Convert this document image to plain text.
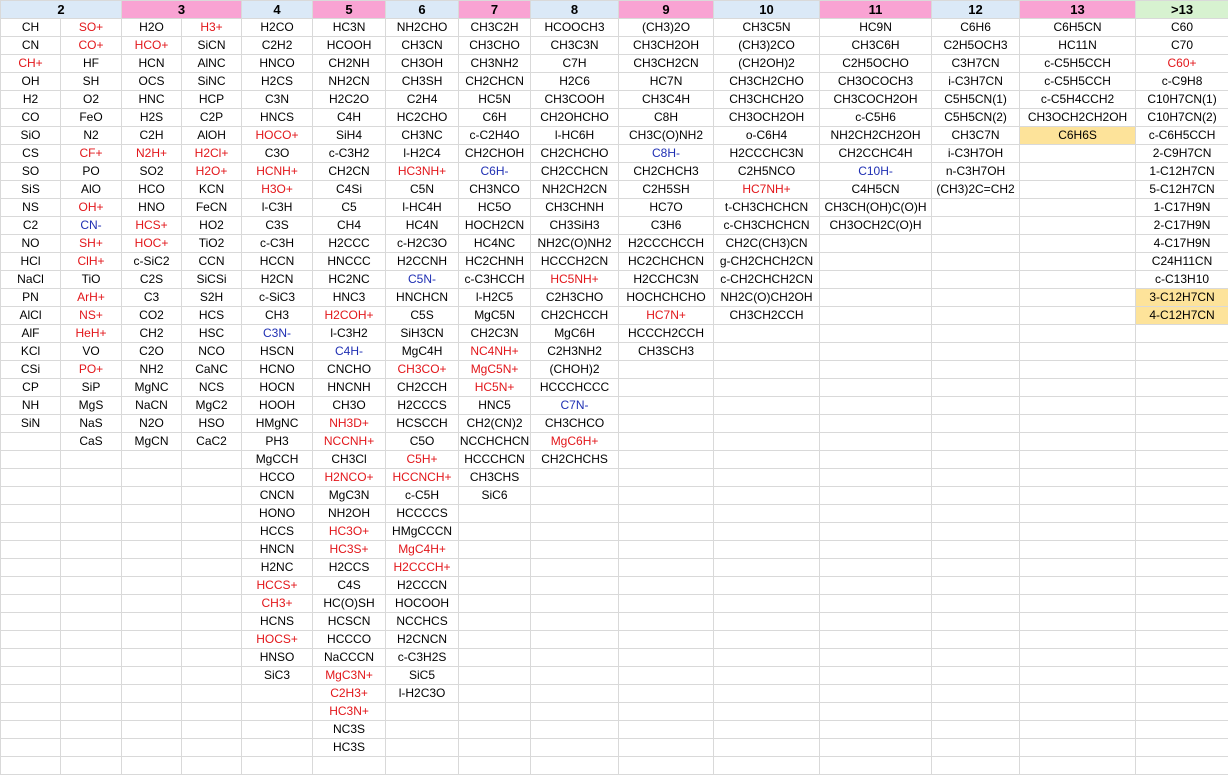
2		3		4	5	6	7	8	9	10	11	12	13	>13
CH	SO+	H2O	H3+	H2CO	HC3N	NH2CHO	CH3C2H	HCOOCH3	(CH3)2O	CH3C5N	HC9N	C6H6	C6H5CN	C60
CN	CO+	HCO+	SiCN	C2H2	HCOOH	CH3CN	CH3CHO	CH3C3N	CH3CH2OH	(CH3)2CO	CH3C6H	C2H5OCH3	HC11N	C70
CH+	HF	HCN	AlNC	HNCO	CH2NH	CH3OH	CH3NH2	C7H	CH3CH2CN	(CH2OH)2	C2H5OCHO	C3H7CN	c-C5H5CCH	C60+
OH	SH	OCS	SiNC	H2CS	NH2CN	CH3SH	CH2CHCN	H2C6	HC7N	CH3CH2CHO	CH3OCOCH3	i-C3H7CN	c-C5H5CCH	c-C9H8
H2	O2	HNC	HCP	C3N	H2C2O	C2H4	HC5N	CH3COOH	CH3C4H	CH3CHCH2O	CH3COCH2OH	C5H5CN(1)	c-C5H4CCH2	C10H7CN(1)
CO	FeO	H2S	C2P	HNCS	C4H	HC2CHO	C6H	CH2OHCHO	C8H	CH3OCH2OH	c-C5H6	C5H5CN(2)	CH3OCH2CH2OH	C10H7CN(2)
SiO	N2	C2H	AlOH	HOCO+	SiH4	CH3NC	c-C2H4O	l-HC6H	CH3C(O)NH2	o-C6H4	NH2CH2CH2OH	CH3C7N	C6H6S	c-C6H5CCH
CS	CF+	N2H+	H2Cl+	C3O	c-C3H2	l-H2C4	CH2CHOH	CH2CHCHO	C8H-	H2CCCHC3N	CH2CCHC4H	i-C3H7OH		2-C9H7CN
SO	PO	SO2	H2O+	HCNH+	CH2CN	HC3NH+	C6H-	CH2CCHCN	CH2CHCH3	C2H5NCO	C10H-	n-C3H7OH		1-C12H7CN
SiS	AlO	HCO	KCN	H3O+	C4Si	C5N	CH3NCO	NH2CH2CN	C2H5SH	HC7NH+	C4H5CN	(CH3)2C=CH2		5-C12H7CN
NS	OH+	HNO	FeCN	l-C3H	C5	l-HC4H	HC5O	CH3CHNH	HC7O	t-CH3CHCHCN	CH3CH(OH)C(O)H			1-C17H9N
C2	CN-	HCS+	HO2	C3S	CH4	HC4N	HOCH2CN	CH3SiH3	C3H6	c-CH3CHCHCN	CH3OCH2C(O)H			2-C17H9N
NO	SH+	HOC+	TiO2	c-C3H	H2CCC	c-H2C3O	HC4NC	NH2C(O)NH2	H2CCCHCCH	CH2C(CH3)CN				4-C17H9N
HCl	ClH+	c-SiC2	CCN	HCCN	HNCCC	H2CCNH	HC2CHNH	HCCCH2CN	HC2CHCHCN	g-CH2CHCH2CN				C24H11CN
NaCl	TiO	C2S	SiCSi	H2CN	HC2NC	C5N-	c-C3HCCH	HC5NH+	H2CCHC3N	c-CH2CHCH2CN				c-C13H10
PN	ArH+	C3	S2H	c-SiC3	HNC3	HNCHCN	l-H2C5	C2H3CHO	HOCHCHCHO	NH2C(O)CH2OH				3-C12H7CN
AlCl	NS+	CO2	HCS	CH3	H2COH+	C5S	MgC5N	CH2CHCCH	HC7N+	CH3CH2CCH				4-C12H7CN
AlF	HeH+	CH2	HSC	C3N-	l-C3H2	SiH3CN	CH2C3N	MgC6H	HCCCH2CCH					
KCl	VO	C2O	NCO	HSCN	C4H-	MgC4H	NC4NH+	C2H3NH2	CH3SCH3					
CSi	PO+	NH2	CaNC	HCNO	CNCHO	CH3CO+	MgC5N+	(CHOH)2						
CP	SiP	MgNC	NCS	HOCN	HNCNH	CH2CCH	HC5N+	HCCCHCCC						
NH	MgS	NaCN	MgC2	HOOH	CH3O	H2CCCS	HNC5	C7N-						
SiN	NaS	N2O	HSO	HMgNC	NH3D+	HCSCCH	CH2(CN)2	CH3CHCO						
	CaS	MgCN	CaC2	PH3	NCCNH+	C5O	NCCHCHCN	MgC6H+						
				MgCCH	CH3Cl	C5H+	HCCCHCN	CH2CHCHS						
				HCCO	H2NCO+	HCCNCH+	CH3CHS							
				CNCN	MgC3N	c-C5H	SiC6							
				HONO	NH2OH	HCCCCS								
				HCCS	HC3O+	HMgCCCN								
				HNCN	HC3S+	MgC4H+								
				H2NC	H2CCS	H2CCCH+								
				HCCS+	C4S	H2CCCN								
				CH3+	HC(O)SH	HOCOOH								
				HCNS	HCSCN	NCCHCS								
				HOCS+	HCCCO	H2CNCN								
				HNSO	NaCCCN	c-C3H2S								
				SiC3	MgC3N+	SiC5								
					C2H3+	l-H2C3O								
					HC3N+									
					NC3S									
					HC3S									
